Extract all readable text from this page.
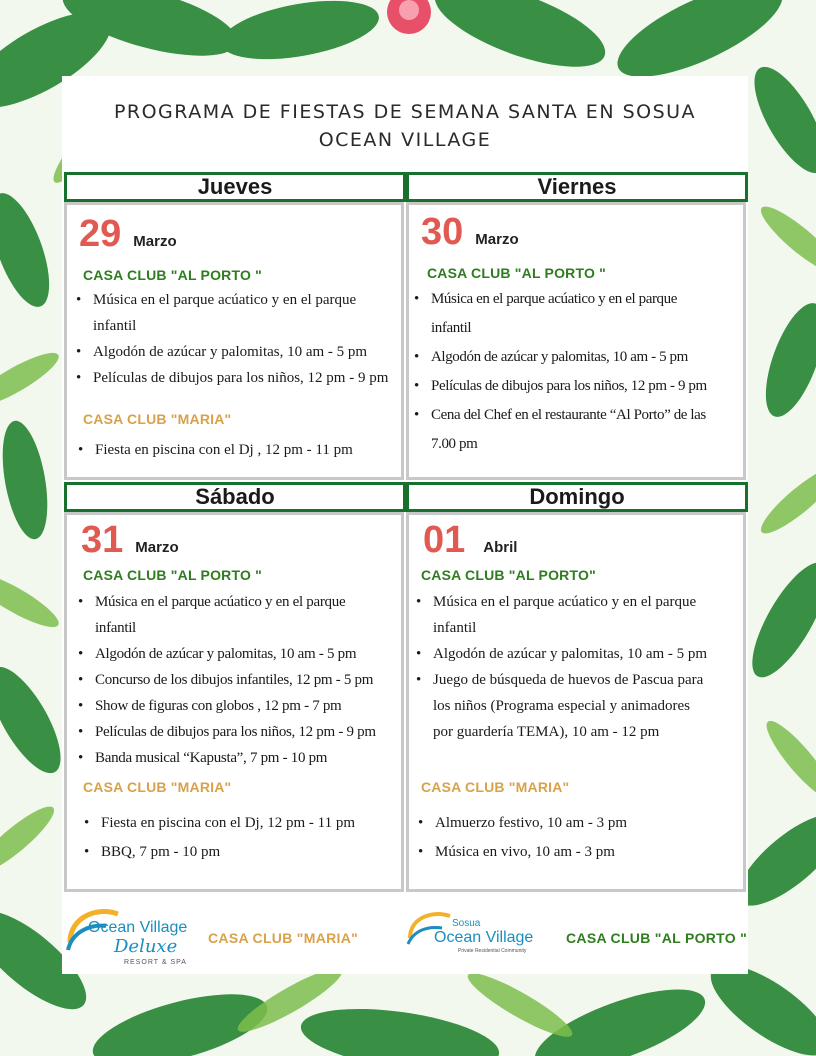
PROGRAMA DE FIESTAS DE SEMANA SANTA EN SOSUA
OCEAN VILLAGE
Jueves	Viernes
29 Marzo
CASA CLUB "AL PORTO "
• Música en el parque acúatico y en el parque
infantil
• Algodón de azúcar y palomitas, 10 am - 5 pm
• Películas de dibujos para los niños, 12 pm - 9 pm
CASA CLUB "MARIA"
• Fiesta en piscina con el Dj , 12 pm - 11 pm
30 Marzo
CASA CLUB "AL PORTO "
• Música en el parque acúatico y en el parque
infantil
• Algodón de azúcar y palomitas, 10 am - 5 pm
• Películas de dibujos para los niños, 12 pm - 9 pm
• Cena del Chef en el restaurante “Al Porto” de las
7.00 pm
Sábado	Domingo
31 Marzo
CASA CLUB "AL PORTO "
• Música en el parque acúatico y en el parque
infantil
• Algodón de azúcar y palomitas, 10 am - 5 pm
• Concurso de los dibujos infantiles, 12 pm - 5 pm
• Show de figuras con globos , 12 pm - 7 pm
• Películas de dibujos para los niños, 12 pm - 9 pm
• Banda musical “Kapusta”, 7 pm - 10 pm
CASA CLUB "MARIA"
• Fiesta en piscina con el Dj, 12 pm - 11 pm
• BBQ, 7 pm - 10 pm
01 Abril
CASA CLUB "AL PORTO"
• Música en el parque acúatico y en el parque
infantil
• Algodón de azúcar y palomitas, 10 am - 5 pm
• Juego de búsqueda de huevos de Pascua para
los niños (Programa especial y animadores
por guardería TEMA), 10 am - 12 pm
CASA CLUB "MARIA"
• Almuerzo festivo, 10 am - 3 pm
• Música en vivo, 10 am - 3 pm
Ocean Village
Deluxe
RESORT & SPA
CASA CLUB "MARIA"
Sosua
Ocean Village
Private Residential Community
CASA CLUB "AL PORTO "
